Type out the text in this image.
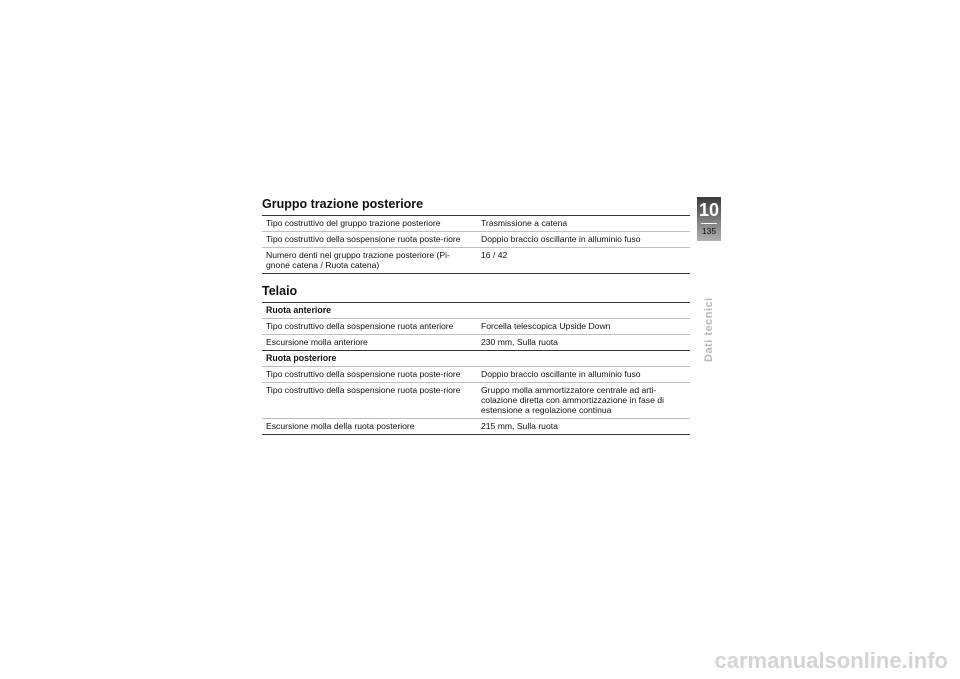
Gruppo trazione posteriore
Tipo costruttivo del gruppo trazione posteriore	Trasmissione a catena
Tipo costruttivo della sospensione ruota poste-riore	Doppio braccio oscillante in alluminio fuso
Numero denti nel gruppo trazione posteriore (Pi-gnone catena / Ruota catena)	16 / 42
Telaio
Ruota anteriore	
Tipo costruttivo della sospensione ruota anteriore	Forcella telescopica Upside Down
Escursione molla anteriore	230 mm, Sulla ruota
Ruota posteriore	
Tipo costruttivo della sospensione ruota poste-riore	Doppio braccio oscillante in alluminio fuso
Tipo costruttivo della sospensione ruota poste-riore	Gruppo molla ammortizzatore centrale ad arti-colazione diretta con ammortizzazione in fase di estensione a regolazione continua
Escursione molla della ruota posteriore	215 mm, Sulla ruota
10
135
Dati tecnici
carmanualsonline.info
